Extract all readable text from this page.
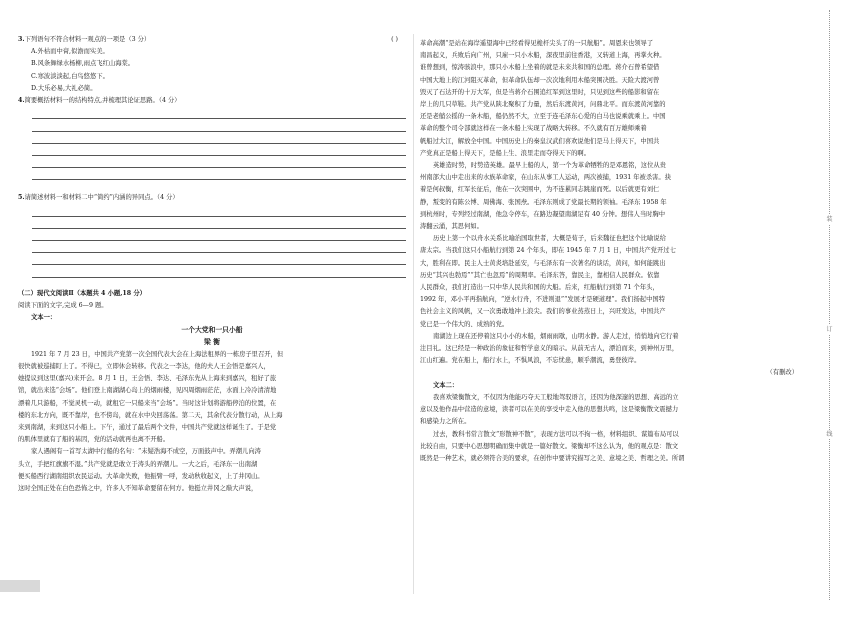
3.下列语句不符合材料一观点的一项是（3 分）	( )
A.外枯而中膏,似澹而实美。
B.风条舞绿水杨柳,雨点飞红山海棠。
C.寒波淡淡起,白鸟悠悠下。
D.大乐必易,大礼必简。
4.简要概括材料一的结构特点,并梳理其论证思路。（4 分）
5.请简述材料一和材料二中“简约”内涵的异同点。（4 分）
（二）现代文阅读Ⅱ（本题共 4 小题,18 分）
阅读下面的文字,完成 6—9 题。
文本一：
一个大党和一只小船
梁 衡
1921 年 7 月 23 日，中国共产党第一次全国代表大会在上海法租界的一栋房子里召开，但
很快就被巡捕盯上了。不得已，立即休会转移。代表之一李达，他的夫人王会悟是嘉兴人，
她提议到这里(嘉兴)来开会。8 月 1 日，王会悟、李达、毛泽东先从上海来到嘉兴，租好了旅
馆，就出来选“会场”。他们登上南湖湖心岛上的烟雨楼，见四周烟雨茫茫，水面上冷冷清清地
漂着几只游船，不觉灵机一动，就租它一只船来当“会场”。当时这计划将游船停泊的位置，在
楼的东北方向，既不靠岸，也不傍岛，就在水中央回荡荡。第二天，其余代表分散行动，从上海
来到南湖，来到这只小船上。下午，通过了最后两个文件，中国共产党就这样诞生了。于是党
的肌体里就有了船的基因，党的活动就再也离不开船。
家人遇阁有一首写太湖中行船的名句：“未疑浩海不成空，万面鼓声中。弄潮儿向涛
头立，手把红旗旗不湿。”共产党就是敢立于涛头的弄潮儿。一大之后，毛泽东一出南湖
便买船西行湖南组织农民运动。大革命失败，他振臂一呼，发动秋收起义，上了井冈山。
这时全国正处在白色恐怖之中，许多人不知革命要留在何方。他挺立井冈之巅大声说，
革命高潮“是站在海岸遥望海中已经看得见桅杆尖头了的一只航船”。周恩来也领导了
南昌起义，兵败后向广州，只雇一只小木船，深夜里前往香港，又转道上海，再掌火种。
谁曾想到，惊涛骇浪中，那只小木船上坐着的就是未来共和国的总理。蒋介石曾希望借
中国大地上的江河阻灭革命，但革命队伍却一次次地利用木船突围决胜。天险大渡河曾
毁灭了石达开的十万大军，但是当蒋介石围追红军到这里时，只见到这些的船影和留在
岸上的几只草鞋。共产党从陕北聚积了力量，然后东渡黄河，问鼎北平。而东渡黄河靠的
还是老艄公摇的一条木船，船仍然不大，立至于连毛泽东心爱的白马也说乘就乘上。中国
革命的整个司令部就这样在一条木船上实现了战略大转移。不久就有百万雄师乘着
帆船过大江，解放全中国。中国历史上的秦皇汉武们喜欢说他们是马上得天下，中国共
产党真正是船上得天下，是船上生、浪里走而夺得天下的啊。
英雄造时势，时势造英雄。最早上船的人，第一个为革命牺牲的是邓恩铭，这位从贵
州南部大山中走出来的水族革命家，在山东从事工人运动，两次被捕，1931 年被杀害。抉
着是何叔衡，红军长征后，他在一次突围中，为不连累同志跳崖而死。以后就更有刘仁
静，叛变的有陈公博、周佛海、张国焘。毛泽东则成了党最长期的领袖。毛泽东 1958 年
到杭州时，专列经过南湖，他急令停车，在路边凝望南湖足有 40 分钟。想伟人当时胸中
涛翻云涌，其思何如。
历史上第一个以舟水关系比喻治国取世者，大概是荀子，后来魏征也把这个比喻说给
唐太宗。当我们这只小船航行到第 24 个年头，即在 1945 年 7 月 1 日，中国共产党开过七
大，胜利在即。民主人士黄炎培赴延安，与毛泽东有一次著名的谈话，黄问，如何能跳出
历史“其兴也勃焉”“其亡也忽焉”的周期率。毛泽东答，靠民主，靠相信人民群众。依靠
人民群众，我们打造出一只中华人民共和国的大船。后来，红船航行到第 71 个年头，
1992 年，邓小平再指航向，“逆水行舟，不进则退”“发展才是硬道理”。我们扬起中国特
色社会主义的风帆，又一次勇敢地冲上浪尖。我们的事业蒸蒸日上，兴旺发达，中国共产
党已是一个伟大的、成熟的党。
南湖边上现在还停着这只小小的木船，烟雨雨歇，山明水静。游人走过，悄悄地向它行着
注目礼。这已经是一种政治的象征和哲学意义的暗示。从前无古人，漂泊而来，到神州万里，
江山红遍。党在船上，船行水上，不惧风浪，不忘忧患，顺乎潮流，勇登彼岸。
（有删改）
文本二：
我喜欢梁衡散文，不仅因为他能巧夺天工般地驾驭语言，还因为他深邃的思想、高远的立
意以及他作品中营造的意境，读者可以在美的享受中走入他的思想共鸣，这是梁衡散文震撼力
和感染力之所在。
过去，教科书常言散文“形散神不散”，表现方法可以不拘一格，材料组织、谋篇布局可以
比较自由，只要中心思想明确而集中就是一篇好散文。梁衡却不这么认为，他的观点是：散文
既然是一种艺术，就必须符合美的要求，在创作中要讲究描写之美、意境之美、哲理之美。所谓
装
订
线
